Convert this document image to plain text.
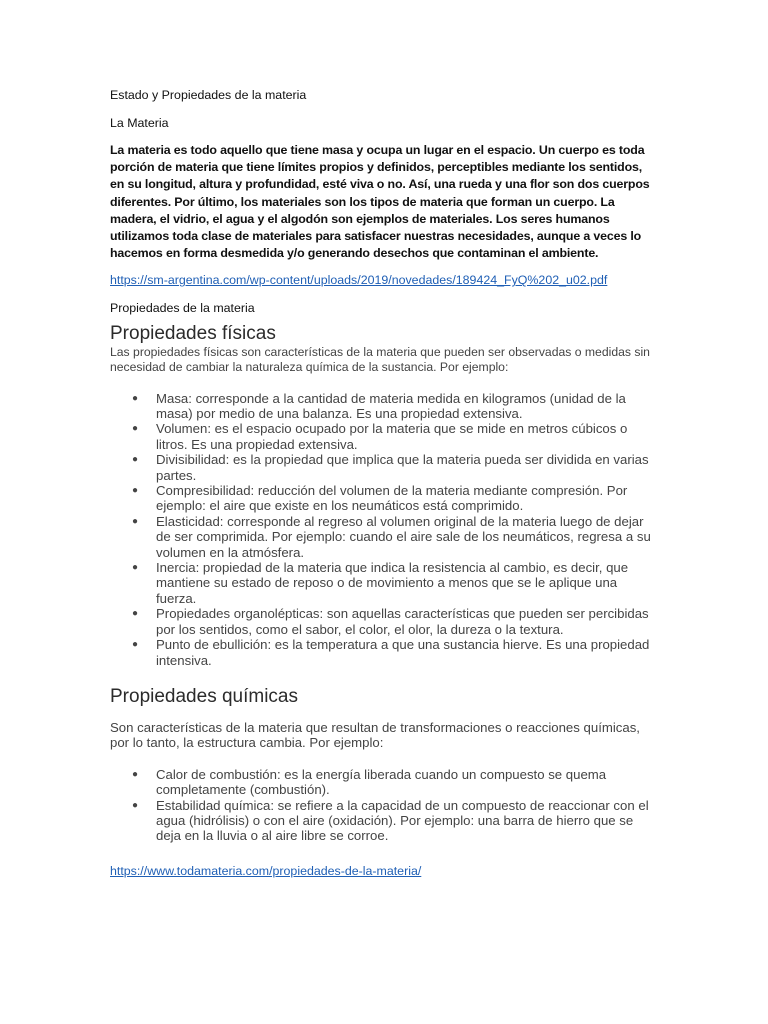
Estado y Propiedades de la materia
La Materia

La materia es todo aquello que tiene masa y ocupa un lugar en el espacio. Un cuerpo es toda porción de materia que tiene límites propios y definidos, perceptibles mediante los sentidos, en su longitud, altura y profundidad, esté viva o no. Así, una rueda y una flor son dos cuerpos diferentes. Por último, los materiales son los tipos de materia que forman un cuerpo. La madera, el vidrio, el agua y el algodón son ejemplos de materiales. Los seres humanos utilizamos toda clase de materiales para satisfacer nuestras necesidades, aunque a veces lo hacemos en forma desmedida y/o generando desechos que contaminan el ambiente.

https://sm-argentina.com/wp-content/uploads/2019/novedades/189424_FyQ%202_u02.pdf
Propiedades de la materia
Propiedades físicas

Las propiedades físicas son características de la materia que pueden ser observadas o medidas sin necesidad de cambiar la naturaleza química de la sustancia. Por ejemplo:

● Masa: corresponde a la cantidad de materia medida en kilogramos (unidad de la masa) por medio de una balanza. Es una propiedad extensiva.
● Volumen: es el espacio ocupado por la materia que se mide en metros cúbicos o litros. Es una propiedad extensiva.
● Divisibilidad: es la propiedad que implica que la materia pueda ser dividida en varias partes.
● Compresibilidad: reducción del volumen de la materia mediante compresión. Por ejemplo: el aire que existe en los neumáticos está comprimido.
● Elasticidad: corresponde al regreso al volumen original de la materia luego de dejar de ser comprimida. Por ejemplo: cuando el aire sale de los neumáticos, regresa a su volumen en la atmósfera.
● Inercia: propiedad de la materia que indica la resistencia al cambio, es decir, que mantiene su estado de reposo o de movimiento a menos que se le aplique una fuerza.
● Propiedades organolépticas: son aquellas características que pueden ser percibidas por los sentidos, como el sabor, el color, el olor, la dureza o la textura.
● Punto de ebullición: es la temperatura a que una sustancia hierve. Es una propiedad intensiva.
Propiedades químicas

Son características de la materia que resultan de transformaciones o reacciones químicas, por lo tanto, la estructura cambia. Por ejemplo:

● Calor de combustión: es la energía liberada cuando un compuesto se quema completamente (combustión).
● Estabilidad química: se refiere a la capacidad de un compuesto de reaccionar con el agua (hidrólisis) o con el aire (oxidación). Por ejemplo: una barra de hierro que se deja en la lluvia o al aire libre se corroe.
https://www.todamateria.com/propiedades-de-la-materia/
